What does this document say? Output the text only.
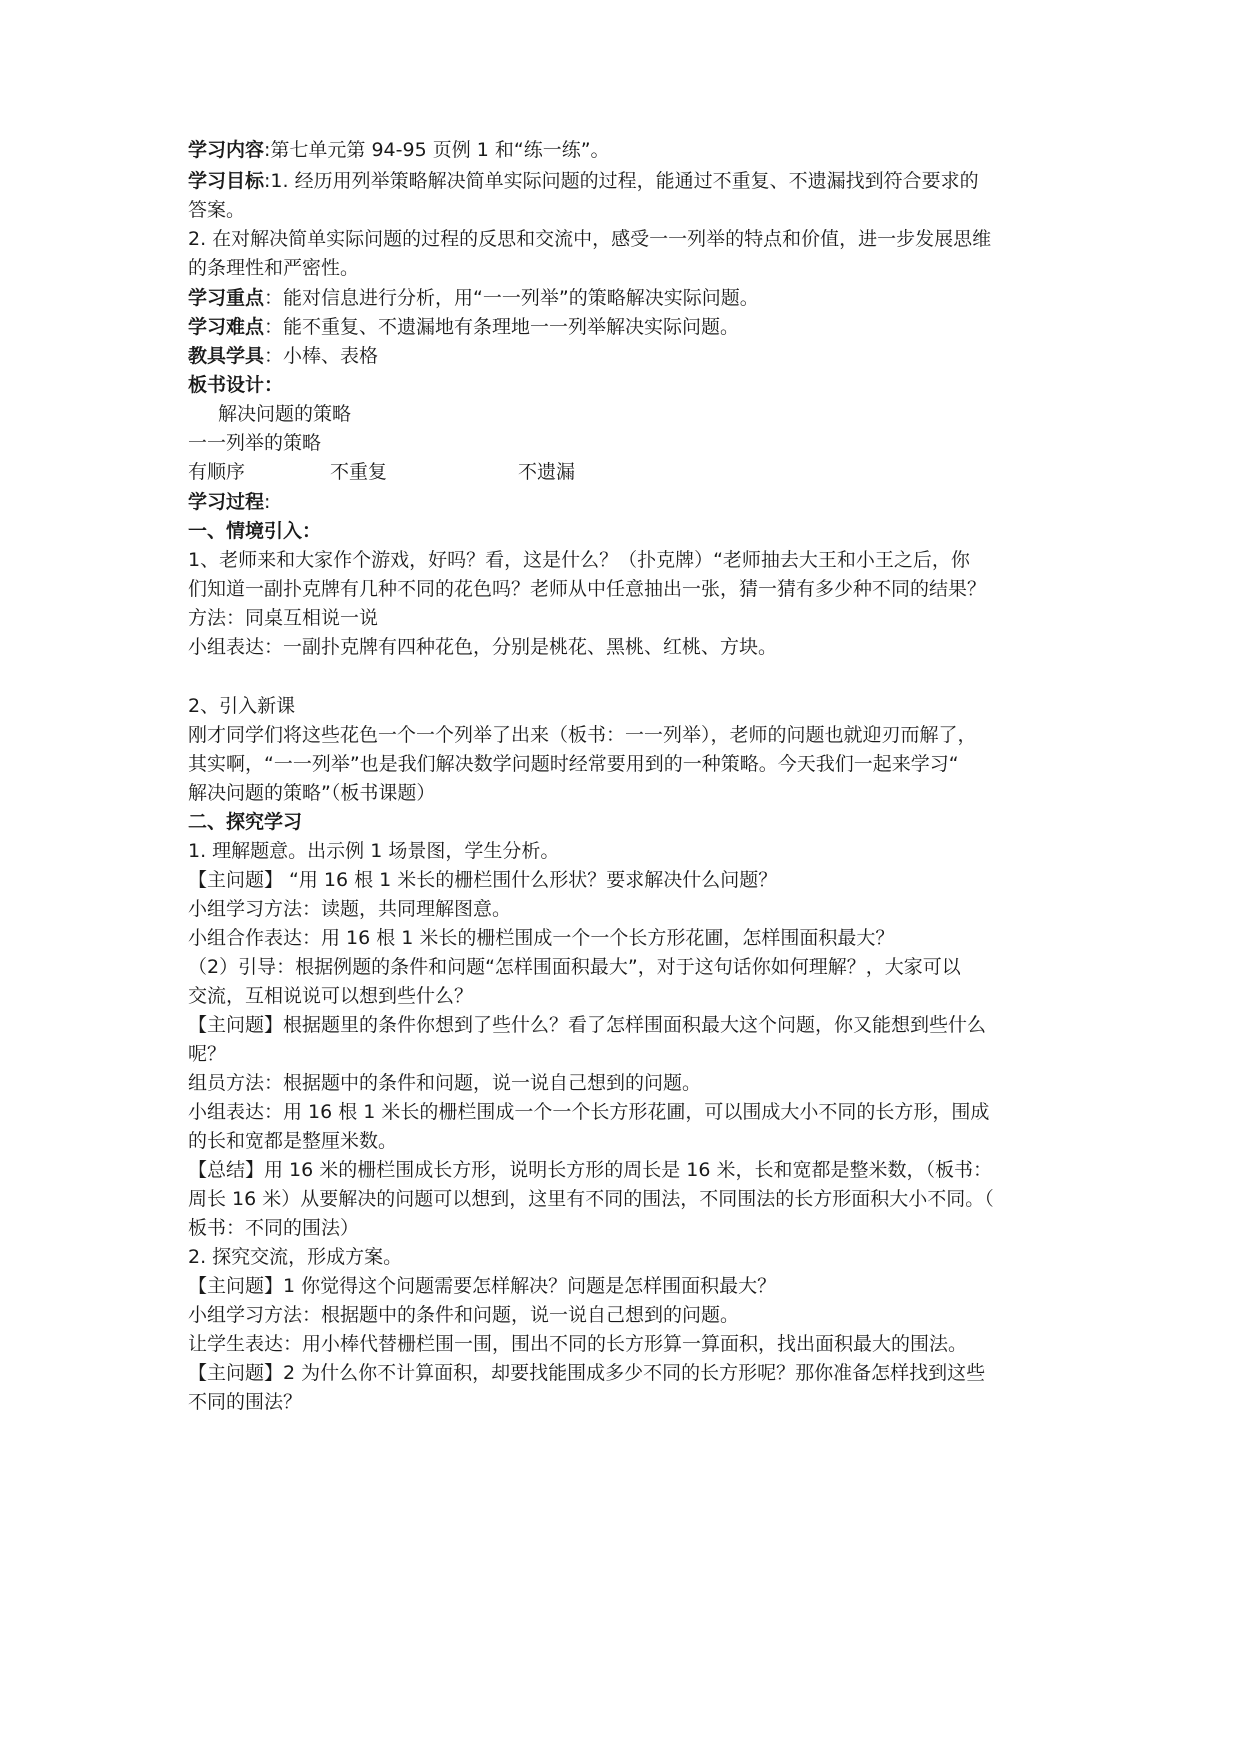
学习内容:第七单元第 94-95 页例 1 和“练一练”。
学习目标:1. 经历用列举策略解决简单实际问题的过程，能通过不重复、不遗漏找到符合要求的
答案。
2. 在对解决简单实际问题的过程的反思和交流中，感受一一列举的特点和价值，进一步发展思维
的条理性和严密性。
学习重点：能对信息进行分析，用“一一列举”的策略解决实际问题。
学习难点：能不重复、不遗漏地有条理地一一列举解决实际问题。
教具学具：小棒、表格
板书设计：
解决问题的策略
一一列举的策略
有顺序	不重复	不遗漏
学习过程:
一、情境引入：
1、老师来和大家作个游戏，好吗？看，这是什么？（扑克牌）“老师抽去大王和小王之后，你
们知道一副扑克牌有几种不同的花色吗？老师从中任意抽出一张，猜一猜有多少种不同的结果？
方法：同桌互相说一说
小组表达：一副扑克牌有四种花色，分别是桃花、黑桃、红桃、方块。
2、引入新课
刚才同学们将这些花色一个一个列举了出来（板书：一一列举），老师的问题也就迎刃而解了，
其实啊，“一一列举”也是我们解决数学问题时经常要用到的一种策略。今天我们一起来学习“
解决问题的策略”（板书课题）
二、探究学习
1. 理解题意。出示例 1 场景图，学生分析。
【主问题】 “用 16 根 1 米长的栅栏围什么形状？要求解决什么问题？
小组学习方法：读题，共同理解图意。
小组合作表达：用 16 根 1 米长的栅栏围成一个一个长方形花圃，怎样围面积最大？
（2）引导：根据例题的条件和问题“怎样围面积最大”，对于这句话你如何理解？，大家可以
交流，互相说说可以想到些什么？
【主问题】根据题里的条件你想到了些什么？看了怎样围面积最大这个问题，你又能想到些什么
呢？
组员方法：根据题中的条件和问题，说一说自己想到的问题。
小组表达：用 16 根 1 米长的栅栏围成一个一个长方形花圃，可以围成大小不同的长方形，围成
的长和宽都是整厘米数。
【总结】用 16 米的栅栏围成长方形，说明长方形的周长是 16 米，长和宽都是整米数，（板书：
周长 16 米）从要解决的问题可以想到，这里有不同的围法，不同围法的长方形面积大小不同。（
板书：不同的围法）
2. 探究交流，形成方案。
【主问题】1 你觉得这个问题需要怎样解决？问题是怎样围面积最大？
小组学习方法：根据题中的条件和问题，说一说自己想到的问题。
让学生表达：用小棒代替栅栏围一围，围出不同的长方形算一算面积，找出面积最大的围法。
【主问题】2 为什么你不计算面积，却要找能围成多少不同的长方形呢？那你准备怎样找到这些
不同的围法？
